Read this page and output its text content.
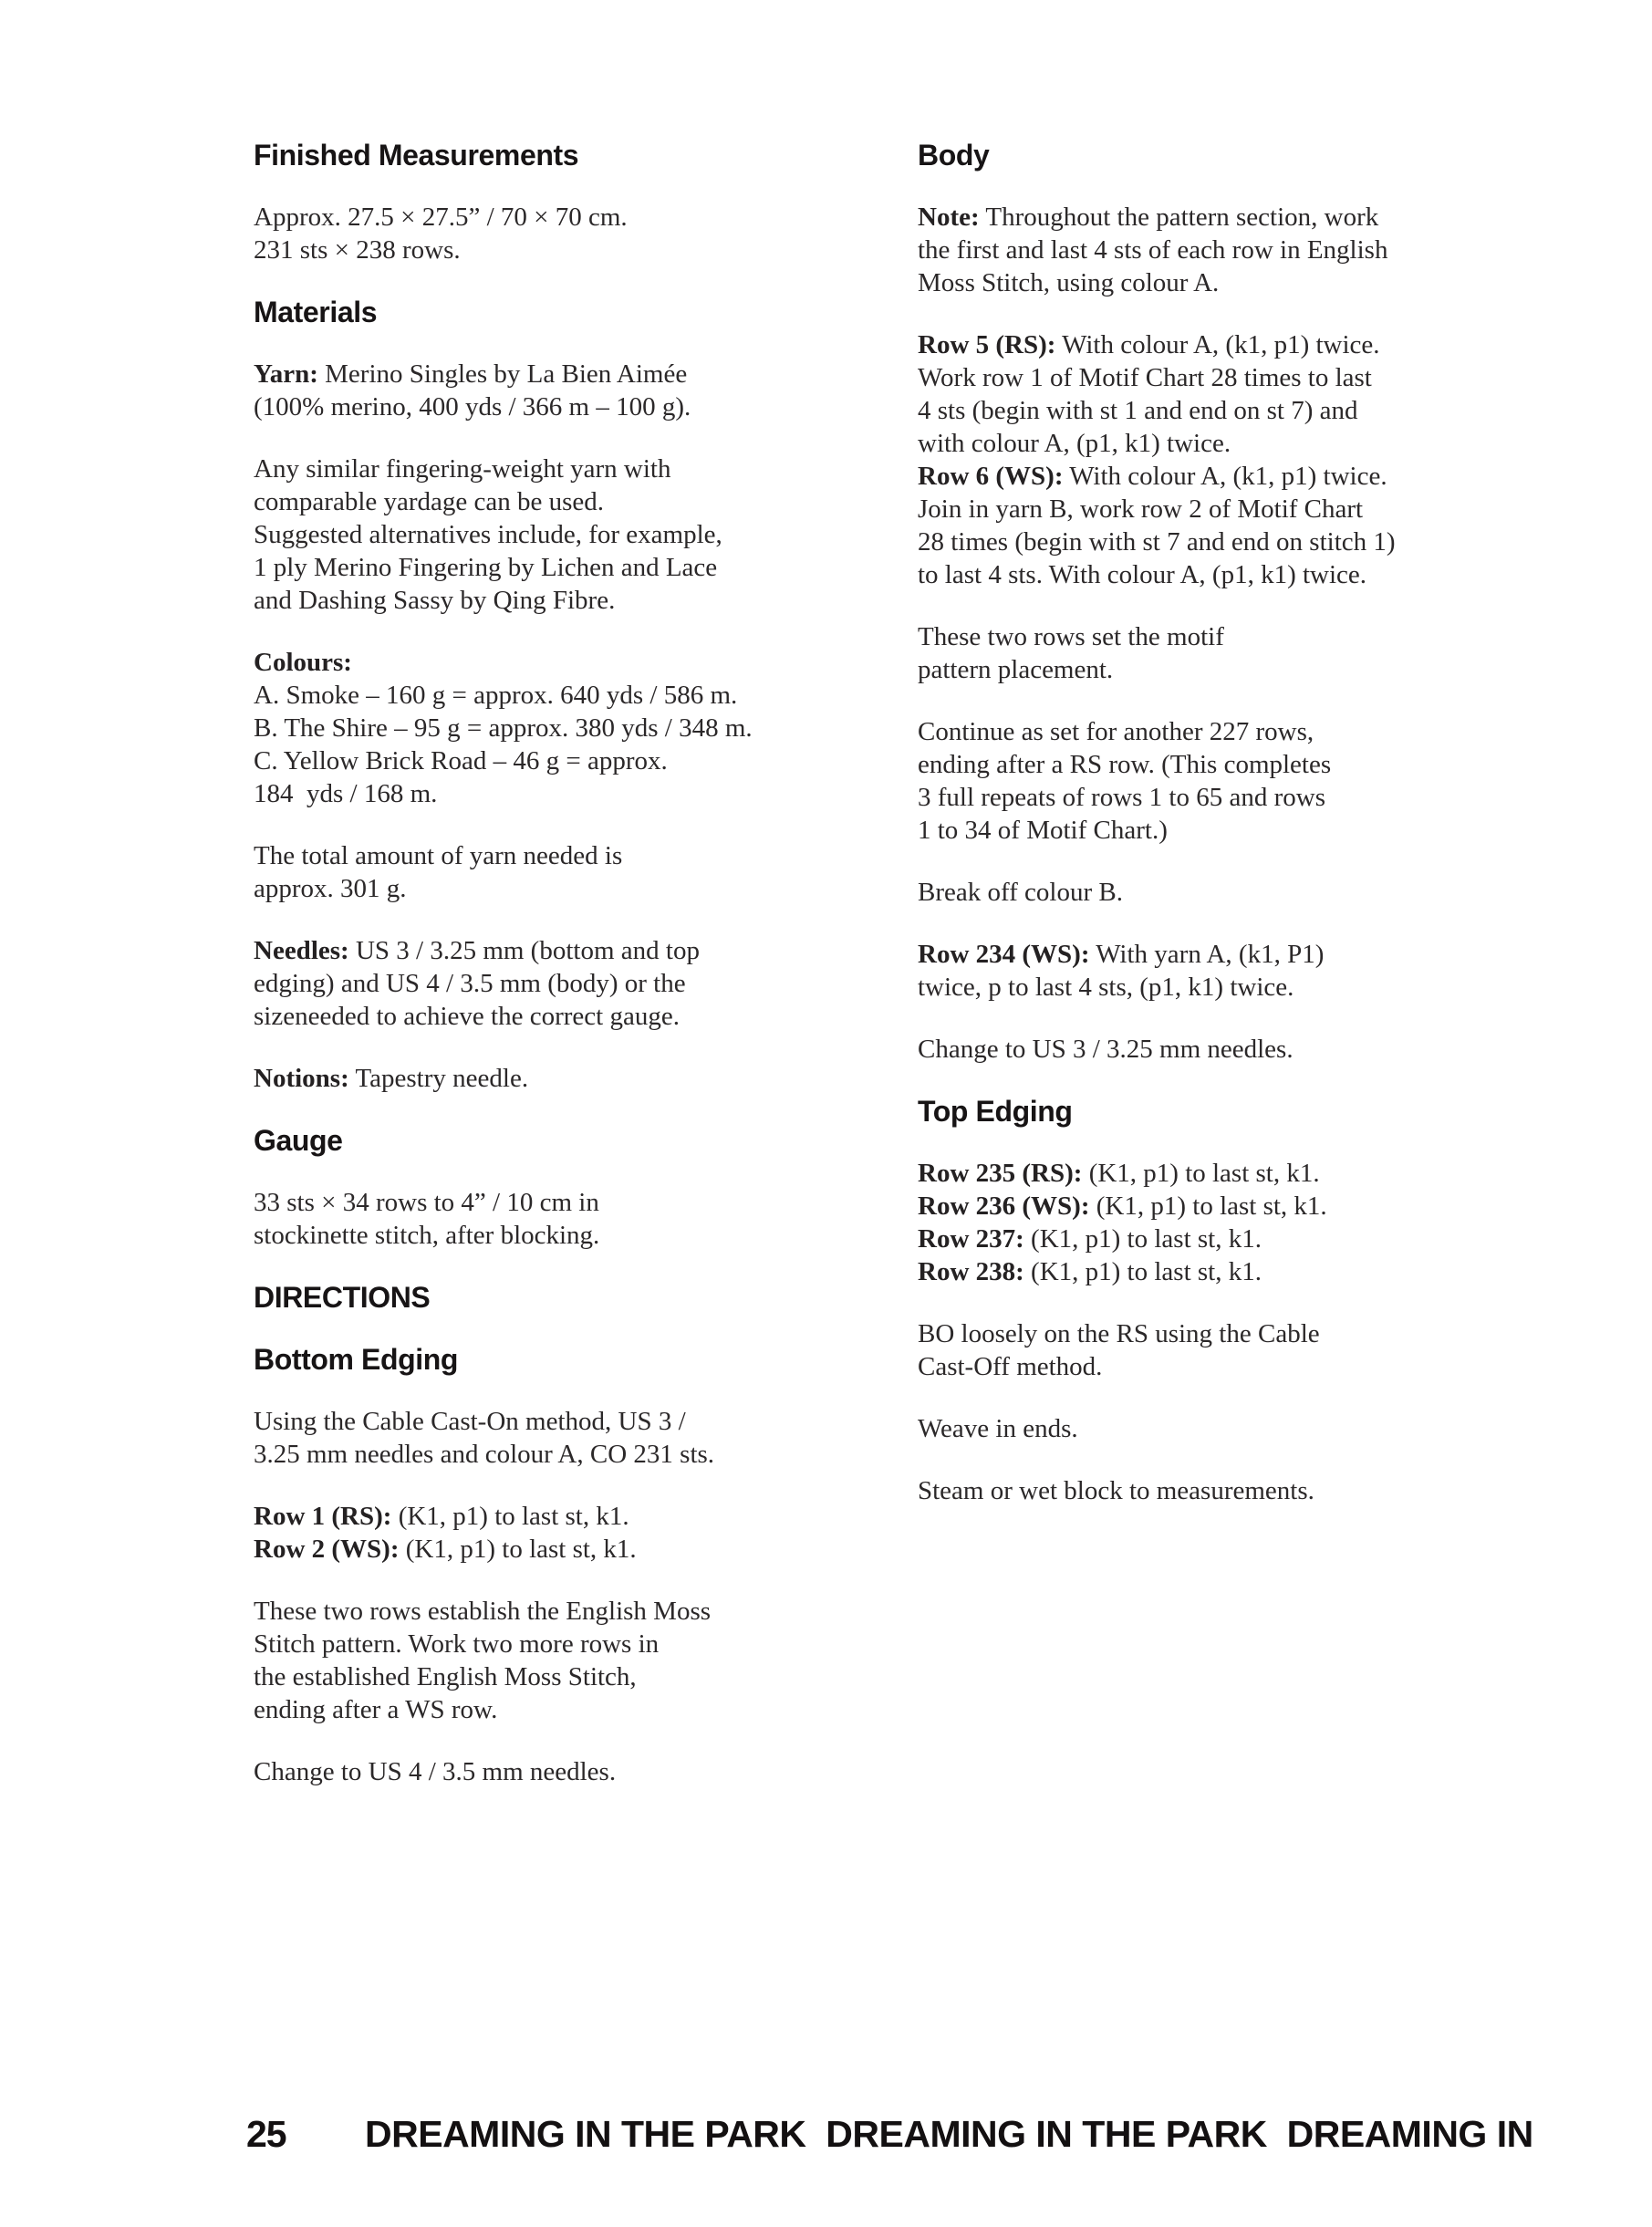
Finished Measurements
Approx. 27.5 × 27.5” / 70 × 70 cm.
231 sts × 238 rows.
Materials
Yarn: Merino Singles by La Bien Aimée
(100% merino, 400 yds / 366 m – 100 g).
Any similar fingering-weight yarn with
comparable yardage can be used.
Suggested alternatives include, for example,
1 ply Merino Fingering by Lichen and Lace
and Dashing Sassy by Qing Fibre.
Colours:
A. Smoke – 160 g = approx. 640 yds / 586 m.
B. The Shire – 95 g = approx. 380 yds / 348 m.
C. Yellow Brick Road – 46 g = approx.
184  yds / 168 m.
The total amount of yarn needed is
approx. 301 g.
Needles: US 3 / 3.25 mm (bottom and top
edging) and US 4 / 3.5 mm (body) or the
sizeneeded to achieve the correct gauge.
Notions: Tapestry needle.
Gauge
33 sts × 34 rows to 4” / 10 cm in
stockinette stitch, after blocking.
DIRECTIONS
Bottom Edging
Using the Cable Cast-On method, US 3 /
3.25 mm needles and colour A, CO 231 sts.
Row 1 (RS): (K1, p1) to last st, k1.
Row 2 (WS): (K1, p1) to last st, k1.
These two rows establish the English Moss
Stitch pattern. Work two more rows in
the established English Moss Stitch,
ending after a WS row.
Change to US 4 / 3.5 mm needles.
Body
Note: Throughout the pattern section, work
the first and last 4 sts of each row in English
Moss Stitch, using colour A.
Row 5 (RS): With colour A, (k1, p1) twice.
Work row 1 of Motif Chart 28 times to last
4 sts (begin with st 1 and end on st 7) and
with colour A, (p1, k1) twice.
Row 6 (WS): With colour A, (k1, p1) twice.
Join in yarn B, work row 2 of Motif Chart
28 times (begin with st 7 and end on stitch 1)
to last 4 sts. With colour A, (p1, k1) twice.
These two rows set the motif
pattern placement.
Continue as set for another 227 rows,
ending after a RS row. (This completes
3 full repeats of rows 1 to 65 and rows
1 to 34 of Motif Chart.)
Break off colour B.
Row 234 (WS): With yarn A, (k1, P1)
twice, p to last 4 sts, (p1, k1) twice.
Change to US 3 / 3.25 mm needles.
Top Edging
Row 235 (RS): (K1, p1) to last st, k1.
Row 236 (WS): (K1, p1) to last st, k1.
Row 237: (K1, p1) to last st, k1.
Row 238: (K1, p1) to last st, k1.
BO loosely on the RS using the Cable
Cast-Off method.
Weave in ends.
Steam or wet block to measurements.
25 DREAMING IN THE PARK  DREAMING IN THE PARK  DREAMING IN
